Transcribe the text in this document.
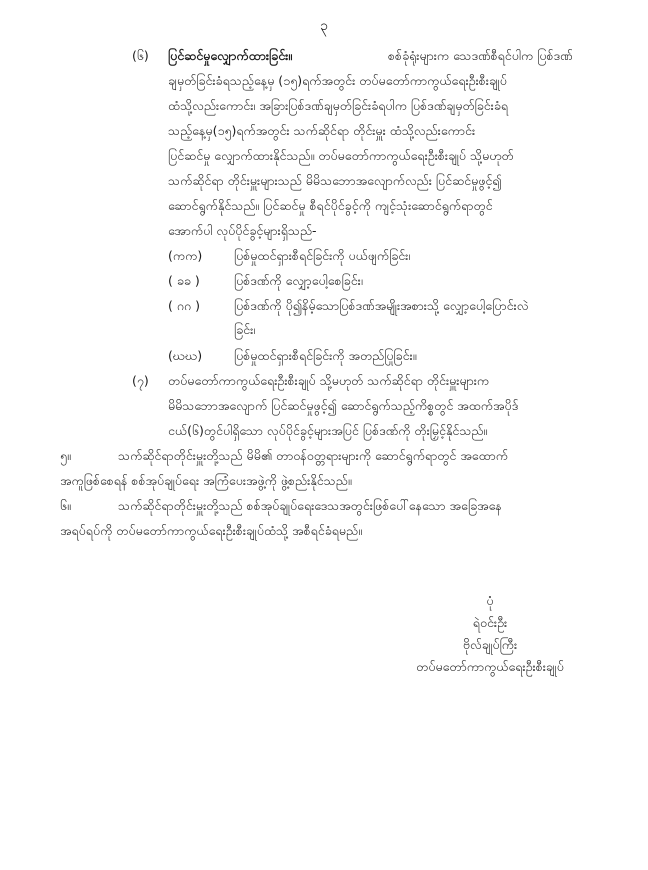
၃
(၆) ပြင်ဆင်မှုလျှောက်ထားခြင်း။	စစ်ခုံရုံးများက သေဒဏ်စီရင်ပါက ပြစ်ဒဏ်
ချမှတ်ခြင်းခံရသည့်နေ့မှ (၁၅)ရက်အတွင်း တပ်မတော်ကာကွယ်ရေးဦးစီးချုပ်
ထံသို့လည်းကောင်း၊ အခြားပြစ်ဒဏ်ချမှတ်ခြင်းခံရပါက ပြစ်ဒဏ်ချမှတ်ခြင်းခံရ
သည့်နေ့မှ(၁၅)ရက်အတွင်း သက်ဆိုင်ရာ တိုင်းမှူး ထံသို့လည်းကောင်း
ပြင်ဆင်မှု လျှောက်ထားနိုင်သည်။ တပ်မတော်ကာကွယ်ရေးဦးစီးချုပ် သို့မဟုတ်
သက်ဆိုင်ရာ တိုင်းမှူးများသည် မိမိသဘောအလျောက်လည်း ပြင်ဆင်မှုဖွင့်၍
ဆောင်ရွက်နိုင်သည်။ ပြင်ဆင်မှု စီရင်ပိုင်ခွင့်ကို ကျင့်သုံးဆောင်ရွက်ရာတွင်
အောက်ပါ လုပ်ပိုင်ခွင့်များရှိသည်-
(ကက)	ပြစ်မှုထင်ရှားစီရင်ခြင်းကို ပယ်ဖျက်ခြင်း၊
( ခခ )	ပြစ်ဒဏ်ကို လျှော့ပေါ့စေခြင်း၊
( ဂဂ )	ပြစ်ဒဏ်ကို ပို၍နိမ့်သောပြစ်ဒဏ်အမျိုးအစားသို့ လျှော့ပေါ့ပြောင်းလဲ
ခြင်း၊
(ဃဃ)	ပြစ်မှုထင်ရှားစီရင်ခြင်းကို အတည်ပြုခြင်း။
(၇) တပ်မတော်ကာကွယ်ရေးဦးစီးချုပ် သို့မဟုတ် သက်ဆိုင်ရာ တိုင်းမှူးများက
မိမိသဘောအလျောက် ပြင်ဆင်မှုဖွင့်၍ ဆောင်ရွက်သည့်ကိစ္စတွင် အထက်အပိုဒ်
ငယ်(၆)တွင်ပါရှိသော လုပ်ပိုင်ခွင့်များအပြင် ပြစ်ဒဏ်ကို တိုးမြှင့်နိုင်သည်။
၅။	သက်ဆိုင်ရာတိုင်းမှူးတို့သည် မိမိ၏ တာဝန်ဝတ္တရားများကို ဆောင်ရွက်ရာတွင် အထောက်
အကူဖြစ်စေရန် စစ်အုပ်ချုပ်ရေး အကြံပေးအဖွဲ့ကို ဖွဲ့စည်းနိုင်သည်။
၆။	သက်ဆိုင်ရာတိုင်းမှူးတို့သည် စစ်အုပ်ချုပ်ရေးဒေသအတွင်းဖြစ်ပေါ်နေသော အခြေအနေ
အရပ်ရပ်ကို တပ်မတော်ကာကွယ်ရေးဦးစီးချုပ်ထံသို့ အစီရင်ခံရမည်။
ပုံ
ရဲဝင်းဦး
ဗိုလ်ချုပ်ကြီး
တပ်မတော်ကာကွယ်ရေးဦးစီးချုပ်
